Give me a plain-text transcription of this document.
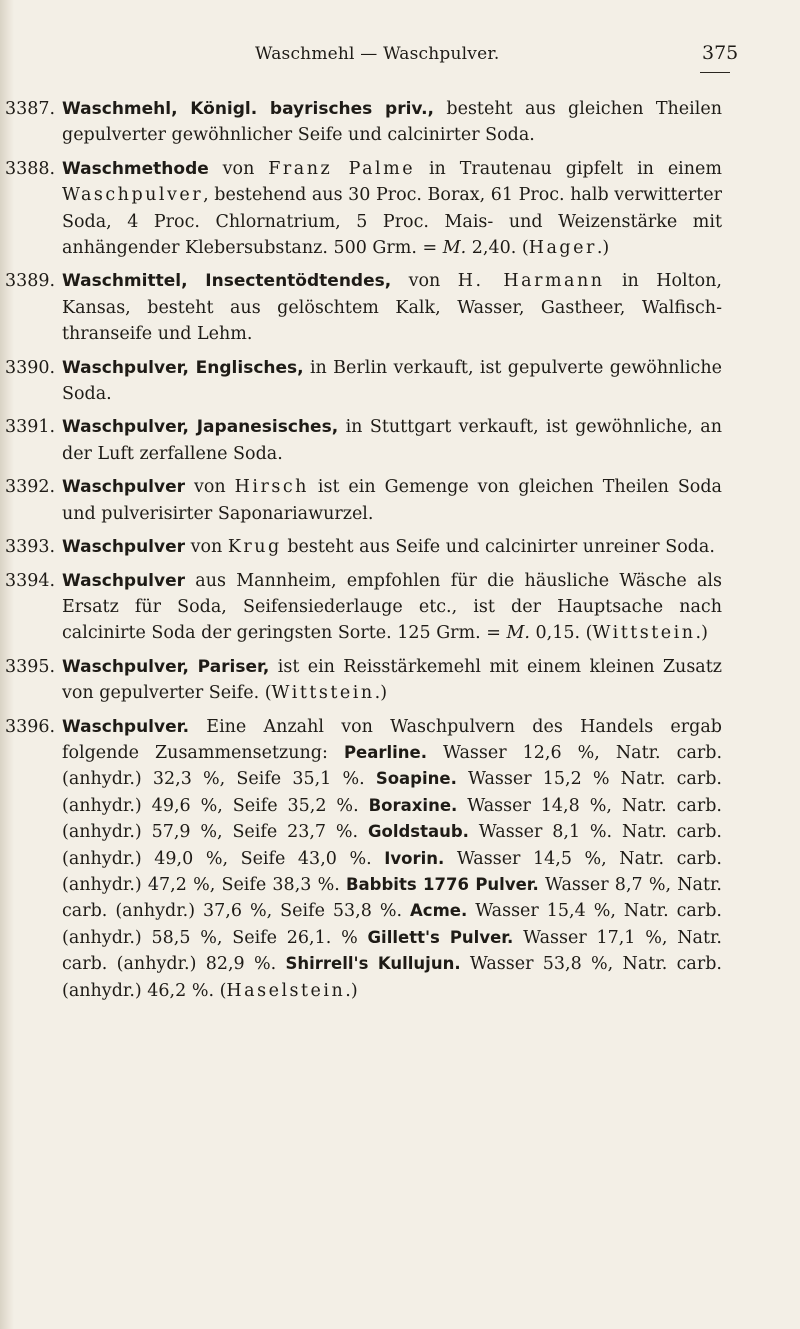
Waschmehl — Waschpulver.	375

3387. Waschmehl, Königl. bayrisches priv., besteht aus gleichen Theilen gepulverter gewöhnlicher Seife und calcinirter Soda.

3388. Waschmethode von Franz Palme in Trautenau gipfelt in einem Waschpulver, bestehend aus 30 Proc. Borax, 61 Proc. halb verwitterter Soda, 4 Proc. Chlornatrium, 5 Proc. Mais- und Weizenstärke mit anhängender Klebersubstanz. 500 Grm. = M. 2,40. (Hager.)

3389. Waschmittel, Insectentödtendes, von H. Harmann in Holton, Kansas, besteht aus gelöschtem Kalk, Wasser, Gastheer, Walfisch-thranseife und Lehm.

3390. Waschpulver, Englisches, in Berlin verkauft, ist gepulverte gewöhnliche Soda.

3391. Waschpulver, Japanesisches, in Stuttgart verkauft, ist gewöhnliche, an der Luft zerfallene Soda.

3392. Waschpulver von Hirsch ist ein Gemenge von gleichen Theilen Soda und pulverisirter Saponariawurzel.

3393. Waschpulver von Krug besteht aus Seife und calcinirter unreiner Soda.

3394. Waschpulver aus Mannheim, empfohlen für die häusliche Wäsche als Ersatz für Soda, Seifensiederlauge etc., ist der Hauptsache nach calcinirte Soda der geringsten Sorte. 125 Grm. = M. 0,15. (Wittstein.)

3395. Waschpulver, Pariser, ist ein Reisstärkemehl mit einem kleinen Zusatz von gepulverter Seife. (Wittstein.)

3396. Waschpulver. Eine Anzahl von Waschpulvern des Handels ergab folgende Zusammensetzung: Pearline. Wasser 12,6 %, Natr. carb. (anhydr.) 32,3 %, Seife 35,1 %. Soapine. Wasser 15,2 % Natr. carb. (anhydr.) 49,6 %, Seife 35,2 %. Boraxine. Wasser 14,8 %, Natr. carb. (anhydr.) 57,9 %, Seife 23,7 %. Goldstaub. Wasser 8,1 %. Natr. carb. (anhydr.) 49,0 %, Seife 43,0 %. Ivorin. Wasser 14,5 %, Natr. carb. (anhydr.) 47,2 %, Seife 38,3 %. Babbits 1776 Pulver. Wasser 8,7 %, Natr. carb. (anhydr.) 37,6 %, Seife 53,8 %. Acme. Wasser 15,4 %, Natr. carb. (anhydr.) 58,5 %, Seife 26,1. % Gillett's Pulver. Wasser 17,1 %, Natr. carb. (anhydr.) 82,9 %. Shirrell's Kullujun. Wasser 53,8 %, Natr. carb. (anhydr.) 46,2 %. (Haselstein.)
